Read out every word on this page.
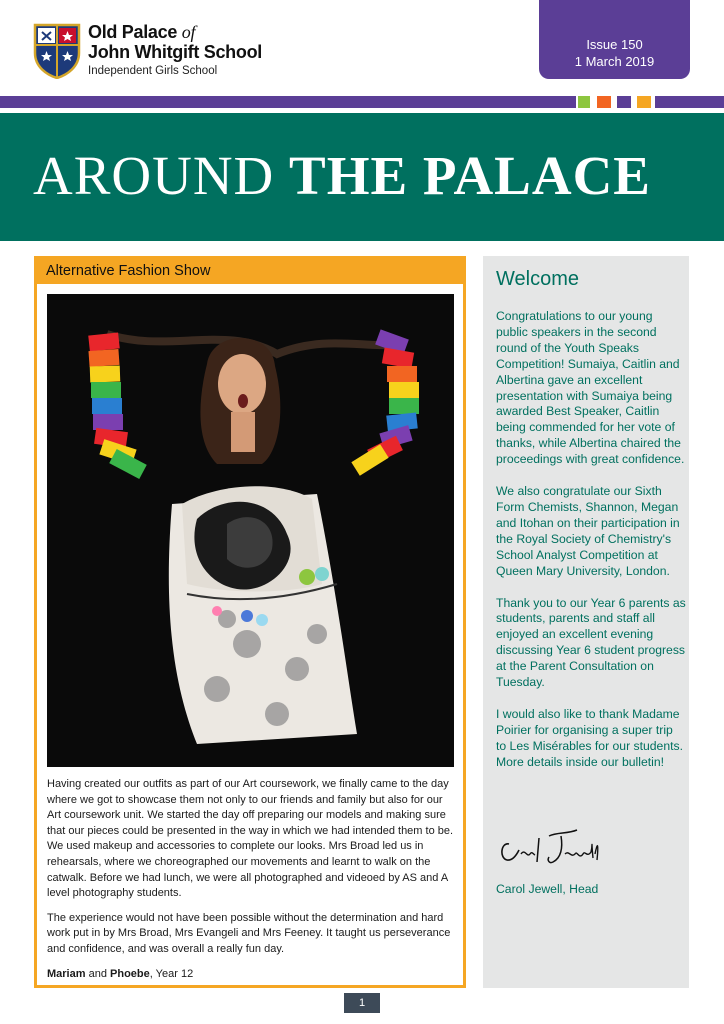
Old Palace of
John Whitgift School
Independent Girls School
Issue 150
1 March 2019
AROUND THE PALACE
Alternative Fashion Show

Having created our outfits as part of our Art coursework, we finally came to the day where we got to showcase them not only to our friends and family but also for our Art coursework unit. We started the day off preparing our models and making sure that our pieces could be presented in the way in which we had intended them to be. We used makeup and accessories to complete our looks. Mrs Broad led us in rehearsals, where we choreographed our movements and learnt to walk on the catwalk. Before we had lunch, we were all photographed and videoed by AS and A level photography students.

The experience would not have been possible without the determination and hard work put in by Mrs Broad, Mrs Evangeli and Mrs Feeney. It taught us perseverance and confidence, and was overall a really fun day.

Mariam and Phoebe, Year 12
Welcome

Congratulations to our young public speakers in the second round of the Youth Speaks Competition! Sumaiya, Caitlin and Albertina gave an excellent presentation with Sumaiya being awarded Best Speaker, Caitlin being commended for her vote of thanks, while Albertina chaired the proceedings with great confidence.

We also congratulate our Sixth Form Chemists, Shannon, Megan and Itohan on their participation in the Royal Society of Chemistry's School Analyst Competition at Queen Mary University, London.

Thank you to our Year 6 parents as students, parents and staff all enjoyed an excellent evening discussing Year 6 student progress at the Parent Consultation on Tuesday.

I would also like to thank Madame Poirier for organising a super trip to Les Misérables for our students. More details inside our bulletin!

Carol Jewell, Head
1
